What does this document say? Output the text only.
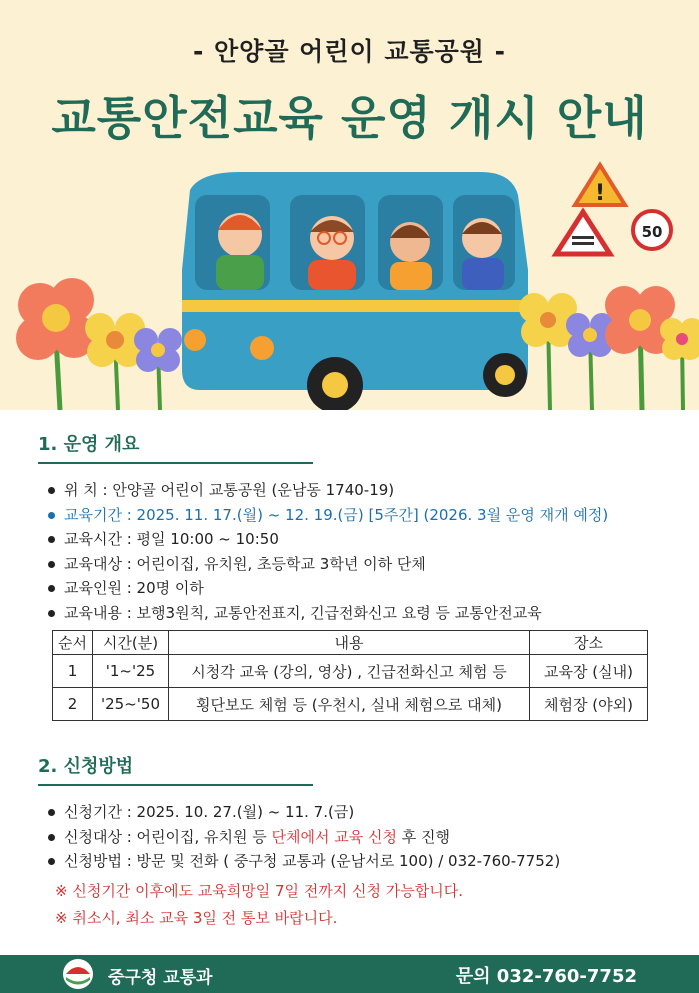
- 안양골 어린이 교통공원 -
교통안전교육 운영 개시 안내
!
50
1. 운영 개요
위 치 : 안양골 어린이 교통공원 (운남동 1740-19)
교육기간 : 2025. 11. 17.(월) ~ 12. 19.(금) [5주간] (2026. 3월 운영 재개 예정)
교육시간 : 평일 10:00 ~ 10:50
교육대상 : 어린이집, 유치원, 초등학교 3학년 이하 단체
교육인원 : 20명 이하
교육내용 : 보행3원칙, 교통안전표지, 긴급전화신고 요령 등 교통안전교육
순서	시간(분)	내용	장소
1	'1~'25	시청각 교육 (강의, 영상) , 긴급전화신고 체험 등	교육장 (실내)
2	'25~'50	횡단보도 체험 등 (우천시, 실내 체험으로 대체)	체험장 (야외)
2. 신청방법
신청기간 : 2025. 10. 27.(월) ~ 11. 7.(금)
신청대상 : 어린이집, 유치원 등 단체에서 교육 신청 후 진행
신청방법 : 방문 및 전화 ( 중구청 교통과 (운남서로 100) / 032-760-7752)
※ 신청기간 이후에도 교육희망일 7일 전까지 신청 가능합니다.
※ 취소시, 최소 교육 3일 전 통보 바랍니다.
중구청 교통과	문의 032-760-7752
